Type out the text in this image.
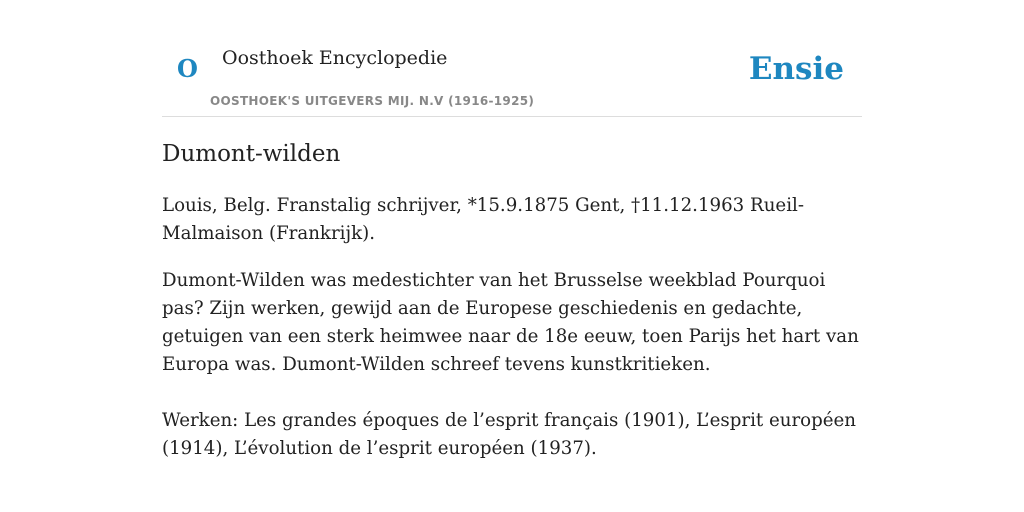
O Oosthoek Encyclopedie
OOSTHOEK'S UITGEVERS MIJ. N.V (1916-1925)
Ensie
Dumont-wilden

Louis, Belg. Franstalig schrijver, *15.9.1875 Gent, †11.12.1963 Rueil-Malmaison (Frankrijk).

Dumont-Wilden was medestichter van het Brusselse weekblad Pourquoi pas? Zijn werken, gewijd aan de Europese geschiedenis en gedachte, getuigen van een sterk heimwee naar de 18e eeuw, toen Parijs het hart van Europa was. Dumont-Wilden schreef tevens kunstkritieken.

Werken: Les grandes époques de l’esprit français (1901), L’esprit européen (1914), L’évolution de l’esprit européen (1937).
